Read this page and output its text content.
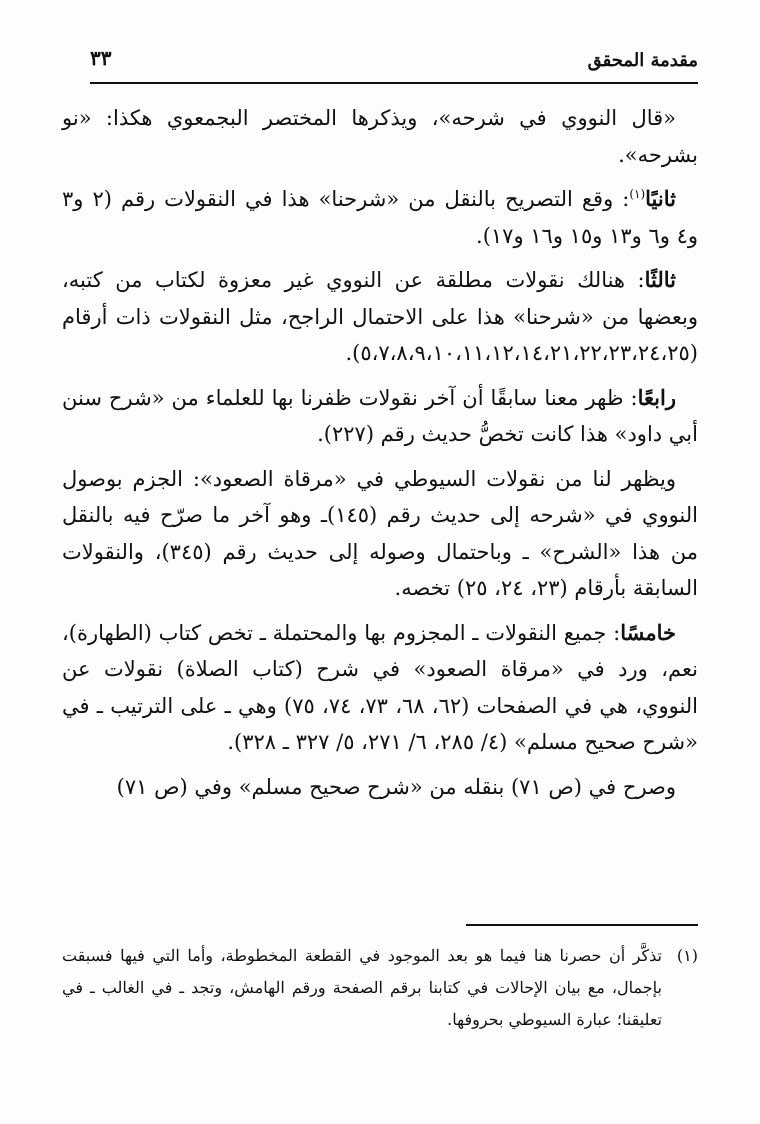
مقدمة المحقق
٣٣

«قال النووي في شرحه»، ويذكرها المختصر البجمعوي هكذا: «نو بشرحه».

ثانيًا$^{(١)}$: وقع التصريح بالنقل من «شرحنا» هذا في النقولات رقم (٢ و٣ و٤ و٦ و١٣ و١٥ و١٦ و١٧).

ثالثًا: هنالك نقولات مطلقة عن النووي غير معزوة لكتاب من كتبه، وبعضها من «شرحنا» هذا على الاحتمال الراجح، مثل النقولات ذات أرقام (٥،٧،٨،٩،١٠،١١،١٢،١٤،٢١،٢٢،٢٣،٢٤،٢٥).

رابعًا: ظهر معنا سابقًا أن آخر نقولات ظفرنا بها للعلماء من «شرح سنن أبي داود» هذا كانت تخصُّ حديث رقم (٢٢٧).

ويظهر لنا من نقولات السيوطي في «مرقاة الصعود»: الجزم بوصول النووي في «شرحه إلى حديث رقم (١٤٥)ـ وهو آخر ما صرّح فيه بالنقل من هذا «الشرح» ـ وباحتمال وصوله إلى حديث رقم (٣٤٥)، والنقولات السابقة بأرقام (٢٣، ٢٤، ٢٥) تخصه.

خامسًا: جميع النقولات ـ المجزوم بها والمحتملة ـ تخص كتاب (الطهارة)، نعم، ورد في «مرقاة الصعود» في شرح (كتاب الصلاة) نقولات عن النووي، هي في الصفحات (٦٢، ٦٨، ٧٣، ٧٤، ٧٥) وهي ـ على الترتيب ـ في «شرح صحيح مسلم» (٤/ ٢٨٥، ٦/ ٢٧١، ٥/ ٣٢٧ ـ ٣٢٨).

وصرح في (ص ٧١) بنقله من «شرح صحيح مسلم» وفي (ص ٧١)

(١)
تذكَّر أن حصرنا هنا فيما هو بعد الموجود في القطعة المخطوطة، وأما التي فيها فسبقت بإجمال، مع بيان الإحالات في كتابنا برقم الصفحة ورقم الهامش، وتجد ـ في الغالب ـ في تعليقنا؛ عبارة السيوطي بحروفها.
